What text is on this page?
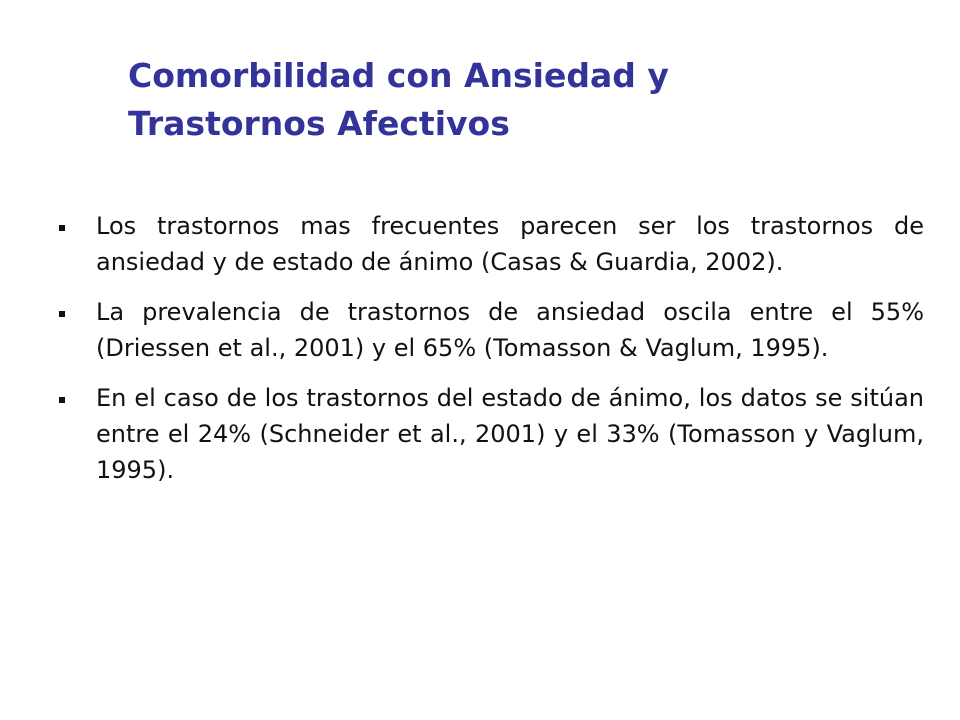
Comorbilidad con Ansiedad y
Trastornos Afectivos
Los trastornos mas frecuentes parecen ser los trastornos de ansiedad y de estado de ánimo (Casas & Guardia, 2002).
La prevalencia de trastornos de ansiedad oscila entre el 55% (Driessen et al., 2001) y el 65% (Tomasson & Vaglum, 1995).
En el caso de los trastornos del estado de ánimo, los datos se sitúan entre el 24% (Schneider et al., 2001) y el 33% (Tomasson y Vaglum, 1995).
